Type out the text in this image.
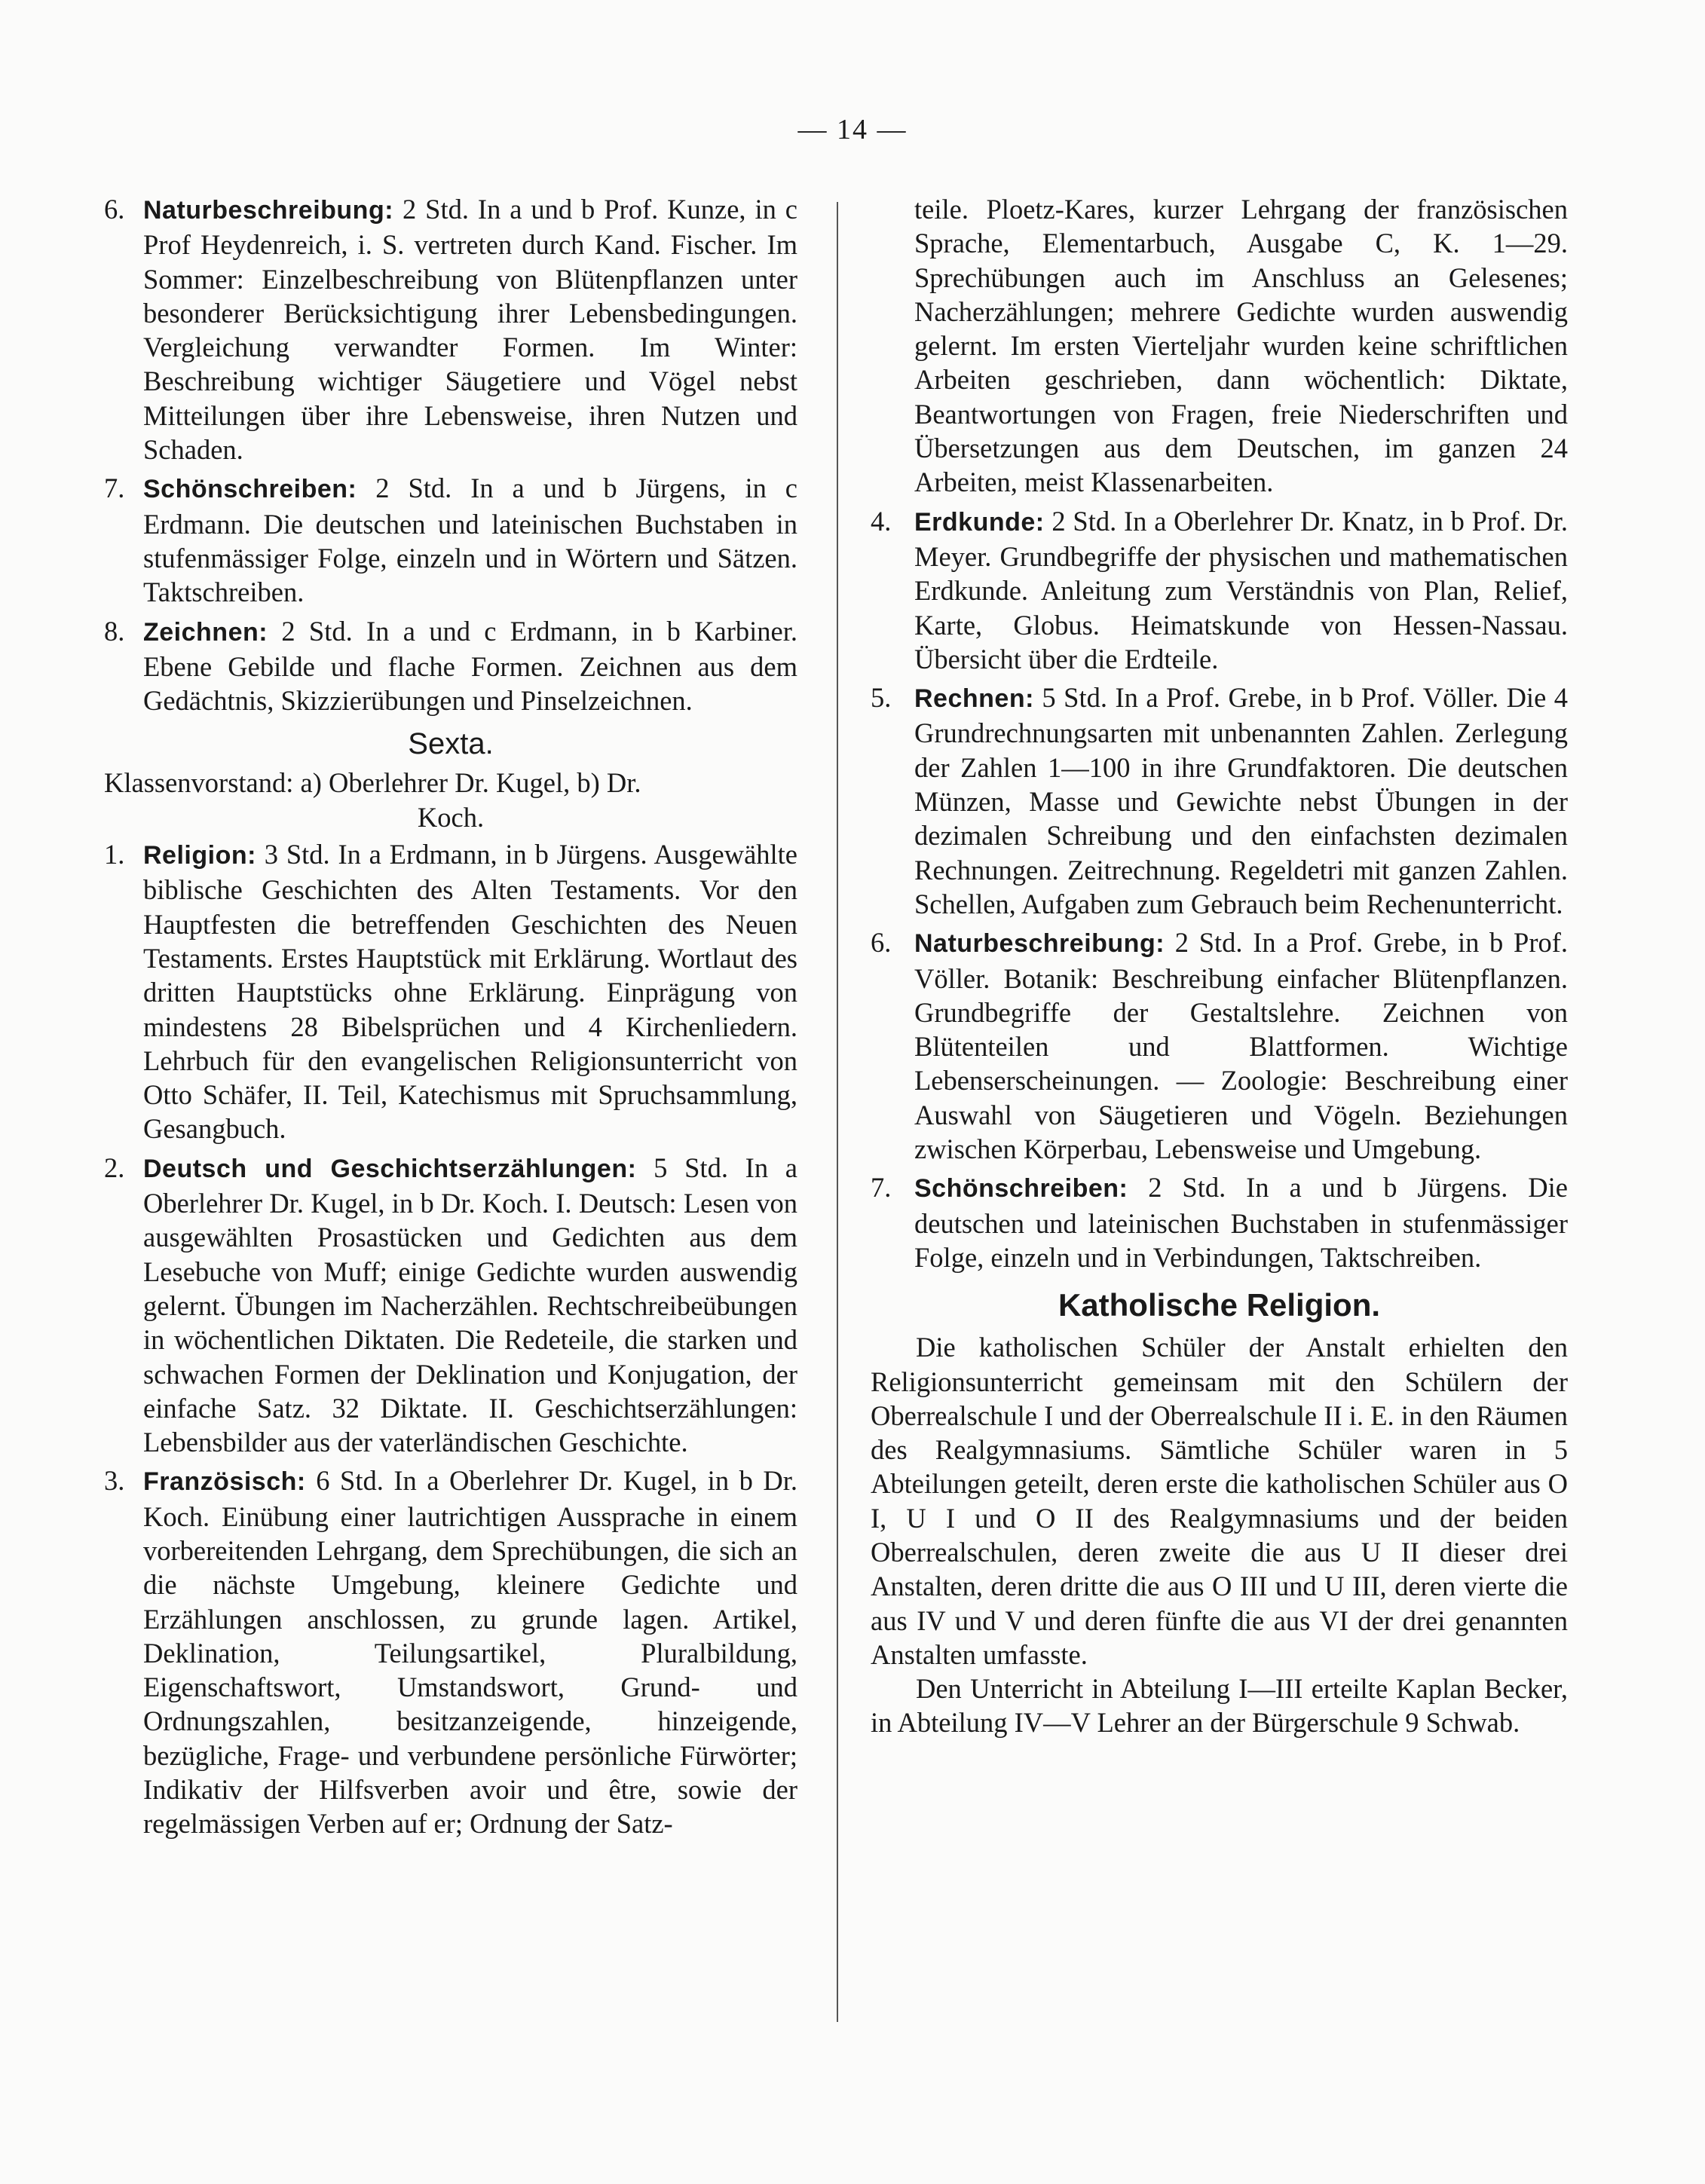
— 14 —
6. Naturbeschreibung: 2 Std. In a und b Prof. Kunze, in c Prof Heydenreich, i. S. vertreten durch Kand. Fischer. Im Sommer: Einzelbeschreibung von Blütenpflanzen unter besonderer Berücksichtigung ihrer Lebensbedingungen. Vergleichung verwandter Formen. Im Winter: Beschreibung wichtiger Säugetiere und Vögel nebst Mitteilungen über ihre Lebensweise, ihren Nutzen und Schaden.
7. Schönschreiben: 2 Std. In a und b Jürgens, in c Erdmann. Die deutschen und lateinischen Buchstaben in stufenmässiger Folge, einzeln und in Wörtern und Sätzen. Taktschreiben.
8. Zeichnen: 2 Std. In a und c Erdmann, in b Karbiner. Ebene Gebilde und flache Formen. Zeichnen aus dem Gedächtnis, Skizzierübungen und Pinselzeichnen.
Sexta.

Klassenvorstand: a) Oberlehrer Dr. Kugel, b) Dr.

Koch.

1. Religion: 3 Std. In a Erdmann, in b Jürgens. Ausgewählte biblische Geschichten des Alten Testaments. Vor den Hauptfesten die betreffenden Geschichten des Neuen Testaments. Erstes Hauptstück mit Erklärung. Wortlaut des dritten Hauptstücks ohne Erklärung. Einprägung von mindestens 28 Bibelsprüchen und 4 Kirchenliedern. Lehrbuch für den evangelischen Religionsunterricht von Otto Schäfer, II. Teil, Katechismus mit Spruchsammlung, Gesangbuch.
2. Deutsch und Geschichtserzählungen: 5 Std. In a Oberlehrer Dr. Kugel, in b Dr. Koch. I. Deutsch: Lesen von ausgewählten Prosastücken und Gedichten aus dem Lesebuche von Muff; einige Gedichte wurden auswendig gelernt. Übungen im Nacherzählen. Rechtschreibeübungen in wöchentlichen Diktaten. Die Redeteile, die starken und schwachen Formen der Deklination und Konjugation, der einfache Satz. 32 Diktate. II. Geschichtserzählungen: Lebensbilder aus der vaterländischen Geschichte.
3. Französisch: 6 Std. In a Oberlehrer Dr. Kugel, in b Dr. Koch. Einübung einer lautrichtigen Aussprache in einem vorbereitenden Lehrgang, dem Sprechübungen, die sich an die nächste Umgebung, kleinere Gedichte und Erzählungen anschlossen, zu grunde lagen. Artikel, Deklination, Teilungsartikel, Pluralbildung, Eigenschaftswort, Umstandswort, Grund- und Ordnungszahlen, besitzanzeigende, hinzeigende, bezügliche, Frage- und verbundene persönliche Fürwörter; Indikativ der Hilfsverben avoir und être, sowie der regelmässigen Verben auf er; Ordnung der Satz-

teile. Ploetz-Kares, kurzer Lehrgang der französischen Sprache, Elementarbuch, Ausgabe C, K. 1—29. Sprechübungen auch im Anschluss an Gelesenes; Nacherzählungen; mehrere Gedichte wurden auswendig gelernt. Im ersten Vierteljahr wurden keine schriftlichen Arbeiten geschrieben, dann wöchentlich: Diktate, Beantwortungen von Fragen, freie Niederschriften und Übersetzungen aus dem Deutschen, im ganzen 24 Arbeiten, meist Klassenarbeiten.

4. Erdkunde: 2 Std. In a Oberlehrer Dr. Knatz, in b Prof. Dr. Meyer. Grundbegriffe der physischen und mathematischen Erdkunde. Anleitung zum Verständnis von Plan, Relief, Karte, Globus. Heimatskunde von Hessen-Nassau. Übersicht über die Erdteile.
5. Rechnen: 5 Std. In a Prof. Grebe, in b Prof. Völler. Die 4 Grundrechnungsarten mit unbenannten Zahlen. Zerlegung der Zahlen 1—100 in ihre Grundfaktoren. Die deutschen Münzen, Masse und Gewichte nebst Übungen in der dezimalen Schreibung und den einfachsten dezimalen Rechnungen. Zeitrechnung. Regeldetri mit ganzen Zahlen. Schellen, Aufgaben zum Gebrauch beim Rechenunterricht.
6. Naturbeschreibung: 2 Std. In a Prof. Grebe, in b Prof. Völler. Botanik: Beschreibung einfacher Blütenpflanzen. Grundbegriffe der Gestaltslehre. Zeichnen von Blütenteilen und Blattformen. Wichtige Lebenserscheinungen. — Zoologie: Beschreibung einer Auswahl von Säugetieren und Vögeln. Beziehungen zwischen Körperbau, Lebensweise und Umgebung.
7. Schönschreiben: 2 Std. In a und b Jürgens. Die deutschen und lateinischen Buchstaben in stufenmässiger Folge, einzeln und in Verbindungen, Taktschreiben.
Katholische Religion.

Die katholischen Schüler der Anstalt erhielten den Religionsunterricht gemeinsam mit den Schülern der Oberrealschule I und der Oberrealschule II i. E. in den Räumen des Realgymnasiums. Sämtliche Schüler waren in 5 Abteilungen geteilt, deren erste die katholischen Schüler aus O I, U I und O II des Realgymnasiums und der beiden Oberrealschulen, deren zweite die aus U II dieser drei Anstalten, deren dritte die aus O III und U III, deren vierte die aus IV und V und deren fünfte die aus VI der drei genannten Anstalten umfasste.

Den Unterricht in Abteilung I—III erteilte Kaplan Becker, in Abteilung IV—V Lehrer an der Bürgerschule 9 Schwab.
